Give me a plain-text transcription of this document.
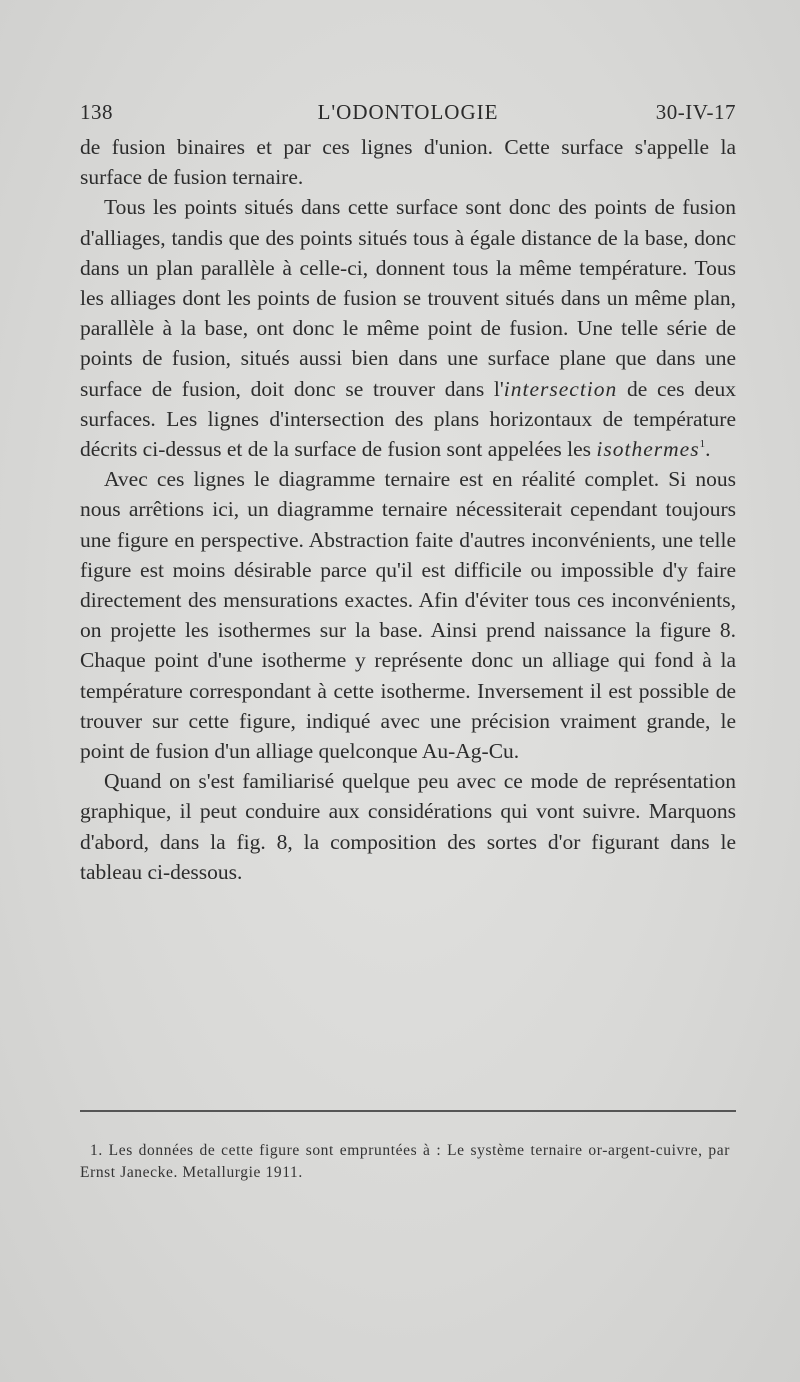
138	L'ODONTOLOGIE	30-IV-17

de fusion binaires et par ces lignes d'union. Cette surface s'appelle la surface de fusion ternaire.

Tous les points situés dans cette surface sont donc des points de fusion d'alliages, tandis que des points situés tous à égale distance de la base, donc dans un plan parallèle à celle-ci, donnent tous la même température. Tous les alliages dont les points de fusion se trouvent situés dans un même plan, parallèle à la base, ont donc le même point de fusion. Une telle série de points de fusion, situés aussi bien dans une surface plane que dans une surface de fusion, doit donc se trouver dans l'intersection de ces deux surfaces. Les lignes d'intersection des plans horizontaux de température décrits ci-dessus et de la surface de fusion sont appelées les isothermes$^1$.

Avec ces lignes le diagramme ternaire est en réalité complet. Si nous nous arrêtions ici, un diagramme ternaire nécessiterait cependant toujours une figure en perspective. Abstraction faite d'autres inconvénients, une telle figure est moins désirable parce qu'il est difficile ou impossible d'y faire directement des mensurations exactes. Afin d'éviter tous ces inconvénients, on projette les isothermes sur la base. Ainsi prend naissance la figure 8. Chaque point d'une isotherme y représente donc un alliage qui fond à la température correspondant à cette isotherme. Inversement il est possible de trouver sur cette figure, indiqué avec une précision vraiment grande, le point de fusion d'un alliage quelconque Au-Ag-Cu.

Quand on s'est familiarisé quelque peu avec ce mode de représentation graphique, il peut conduire aux considérations qui vont suivre. Marquons d'abord, dans la fig. 8, la composition des sortes d'or figurant dans le tableau ci-dessous.

1. Les données de cette figure sont empruntées à : Le système ternaire or-argent-cuivre, par Ernst Janecke. Metallurgie 1911.
